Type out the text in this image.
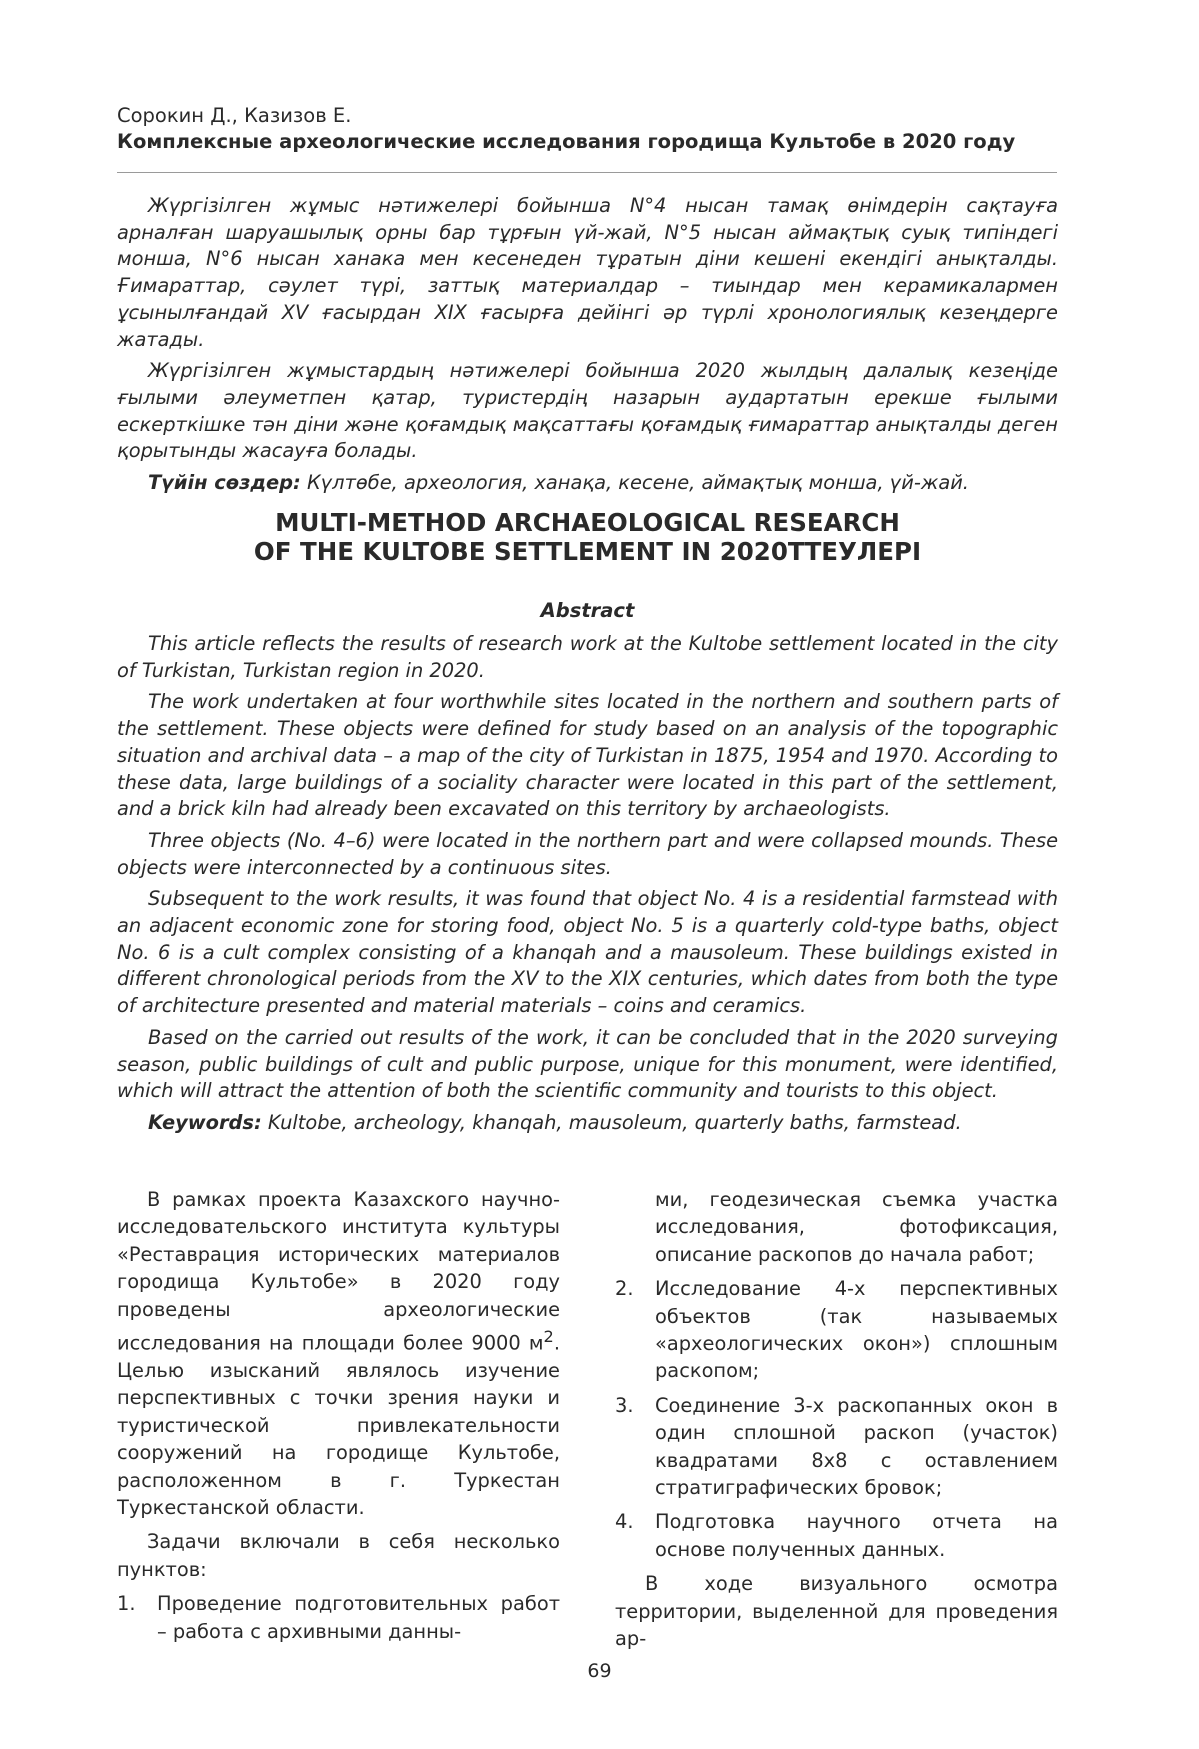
Сорокин Д., Казизов Е.
Комплексные археологические исследования городища Культобе в 2020 году

Жүргізілген жұмыс нәтижелері бойынша N°4 нысан тамақ өнімдерін сақтауға арналған шаруашылық орны бар тұрғын үй-жай, N°5 нысан аймақтық суық типіндегі монша, N°6 нысан ханака мен кесенеден тұратын діни кешені екендігі анықталды. Ғимараттар, сәулет түрі, заттық материалдар – тиындар мен керамикалармен ұсынылғандай XV ғасырдан XIX ғасырға дейінгі әр түрлі хронологиялық кезеңдерге жатады.

Жүргізілген жұмыстардың нәтижелері бойынша 2020 жылдың далалық кезеңіде ғылыми әлеуметпен қатар, туристердің назарын аудартатын ерекше ғылыми ескерткішке тән діни және қоғамдық мақсаттағы қоғамдық ғимараттар анықталды деген қорытынды жасауға болады.

Түйін сөздер: Күлтөбе, археология, ханақа, кесене, аймақтық монша, үй-жай.

MULTI-METHOD ARCHAEOLOGICAL RESEARCH
OF THE KULTOBE SETTLEMENT IN 2020ТТЕУЛЕРІ
Abstract

This article reflects the results of research work at the Kultobe settlement located in the city of Turkistan, Turkistan region in 2020.

The work undertaken at four worthwhile sites located in the northern and southern parts of the settlement. These objects were defined for study based on an analysis of the topographic situation and archival data – a map of the city of Turkistan in 1875, 1954 and 1970. According to these data, large buildings of a sociality character were located in this part of the settlement, and a brick kiln had already been excavated on this territory by archaeologists.

Three objects (No. 4–6) were located in the northern part and were collapsed mounds. These objects were interconnected by a continuous sites.

Subsequent to the work results, it was found that object No. 4 is a residential farmstead with an adjacent economic zone for storing food, object No. 5 is a quarterly cold-type baths, object No. 6 is a cult complex consisting of a khanqah and a mausoleum. These buildings existed in different chronological periods from the XV to the XIX centuries, which dates from both the type of architecture presented and material materials – coins and ceramics.

Based on the carried out results of the work, it can be concluded that in the 2020 surveying season, public buildings of cult and public purpose, unique for this monument, were identified, which will attract the attention of both the scientific community and tourists to this object.

Keywords: Kultobe, archeology, khanqah, mausoleum, quarterly baths, farmstead.

В рамках проекта Казахского научно-исследовательского института культуры «Реставрация исторических материалов городища Культобе» в 2020 году проведены археологические исследования на площади более 9000 $м^2$. Целью изысканий являлось изучение перспективных с точки зрения науки и туристической привлекательности сооружений на городище Культобе, расположенном в г. Туркестан Туркестанской области.

Задачи включали в себя несколько пунктов:

1. Проведение подготовительных работ – работа с архивными данны-
ми, геодезическая съемка участка исследования, фотофиксация, описание раскопов до начала работ;
2. Исследование 4-х перспективных объектов (так называемых «археологических окон») сплошным раскопом;
3. Соединение 3-х раскопанных окон в один сплошной раскоп (участок) квадратами 8х8 с оставлением стратиграфических бровок;
4. Подготовка научного отчета на основе полученных данных.

В ходе визуального осмотра территории, выделенной для проведения ар-

69
